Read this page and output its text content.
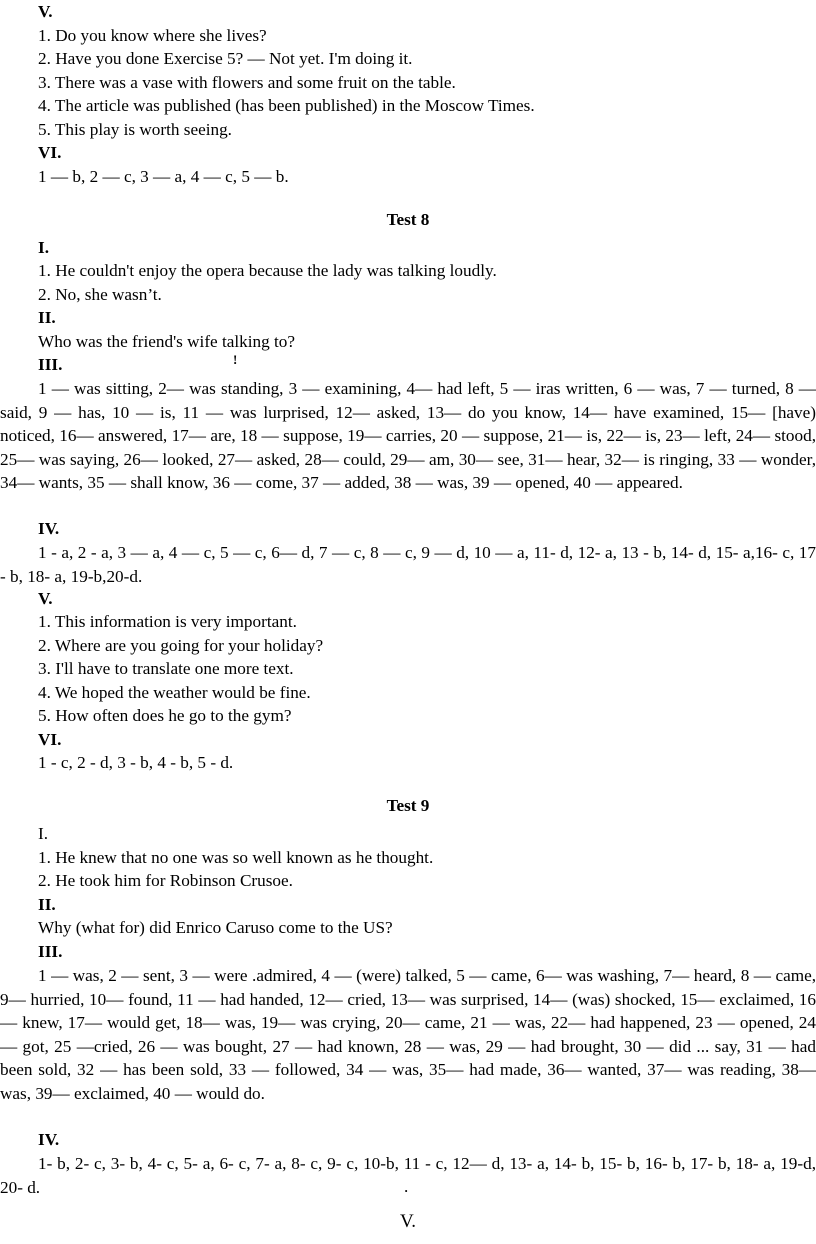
V.
1. Do you know where she lives?
2. Have you done Exercise 5? — Not yet. I'm doing it.
3. There was a vase with flowers and some fruit on the table.
4. The article was published (has been published) in the Moscow Times.
5. This play is worth seeing.
VI.
1 — b, 2 — c, 3 — a, 4 — c, 5 — b.
Test 8
I.
1. He couldn't enjoy the opera because the lady was talking loudly.
2. No, she wasn’t.
II.
Who was the friend's wife talking to?
III.	!
1 — was sitting, 2— was standing, 3 — examining, 4— had left, 5 — iras written, 6 — was, 7 — turned, 8 — said, 9 — has, 10 — is, 11 — was lurprised, 12— asked, 13— do you know, 14— have examined, 15— [have) noticed, 16— answered, 17— are, 18 — suppose, 19— carries, 20 — suppose, 21— is, 22— is, 23— left, 24— stood, 25— was saying, 26— looked, 27— asked, 28— could, 29— am, 30— see, 31— hear, 32— is ringing, 33 — wonder, 34— wants, 35 — shall know, 36 — come, 37 — added, 38 — was, 39 — opened, 40 — appeared.
IV.
1 - a, 2 - a, 3 — a, 4 — c, 5 — c, 6— d, 7 — c, 8 — c, 9 — d, 10 — a, 11- d, 12- a, 13 - b, 14- d, 15- a,16- c, 17 - b, 18- a, 19-b,20-d.
V.
1. This information is very important.
2. Where are you going for your holiday?
3. I'll have to translate one more text.
4. We hoped the weather would be fine.
5. How often does he go to the gym?
VI.
1 - c, 2 - d, 3 - b, 4 - b, 5 - d.
Test 9
I.
1. He knew that no one was so well known as he thought.
2. He took him for Robinson Crusoe.
II.
Why (what for) did Enrico Caruso come to the US?
III.
1 — was, 2 — sent, 3 — were .admired, 4 — (were) talked, 5 — came, 6— was washing, 7— heard, 8 — came, 9— hurried, 10— found, 11 — had handed, 12— cried, 13— was surprised, 14— (was) shocked, 15— exclaimed, 16— knew, 17— would get, 18— was, 19— was crying, 20— came, 21 — was, 22— had happened, 23 — opened, 24 — got, 25 —cried, 26 — was bought, 27 — had known, 28 — was, 29 — had brought, 30 — did ... say, 31 — had been sold, 32 — has been sold, 33 — followed, 34 — was, 35— had made, 36— wanted, 37— was reading, 38— was, 39— exclaimed, 40 — would do.
IV.
1- b, 2- c, 3- b, 4- c, 5- a, 6- c, 7- a, 8- c, 9- c, 10-b, 11 - c, 12— d, 13- a, 14- b, 15- b, 16- b, 17- b, 18- a, 19-d, 20- d.	.
V.
